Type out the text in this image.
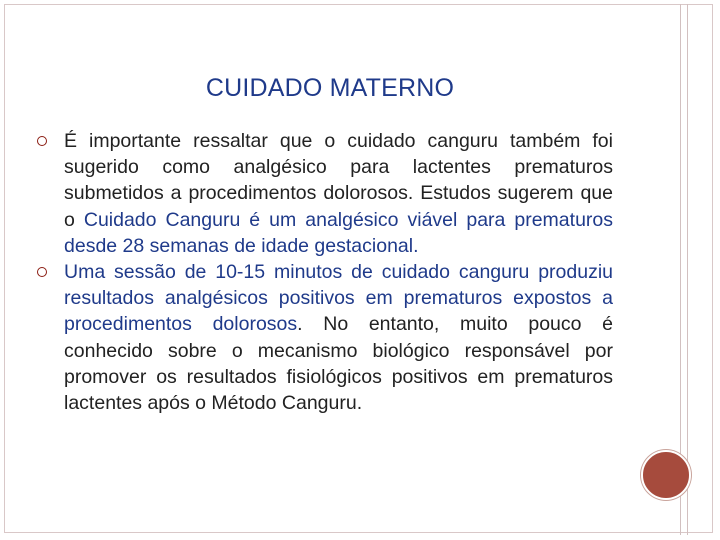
CUIDADO MATERNO
É importante ressaltar que o cuidado canguru também foi sugerido como analgésico para lactentes prematuros submetidos a procedimentos dolorosos. Estudos sugerem que o Cuidado Canguru é um analgésico viável para prematuros desde 28 semanas de idade gestacional.
Uma sessão de 10-15 minutos de cuidado canguru produziu resultados analgésicos positivos em prematuros expostos a procedimentos dolorosos. No entanto, muito pouco é conhecido sobre o mecanismo biológico responsável por promover os resultados fisiológicos positivos em prematuros lactentes após o Método Canguru.
